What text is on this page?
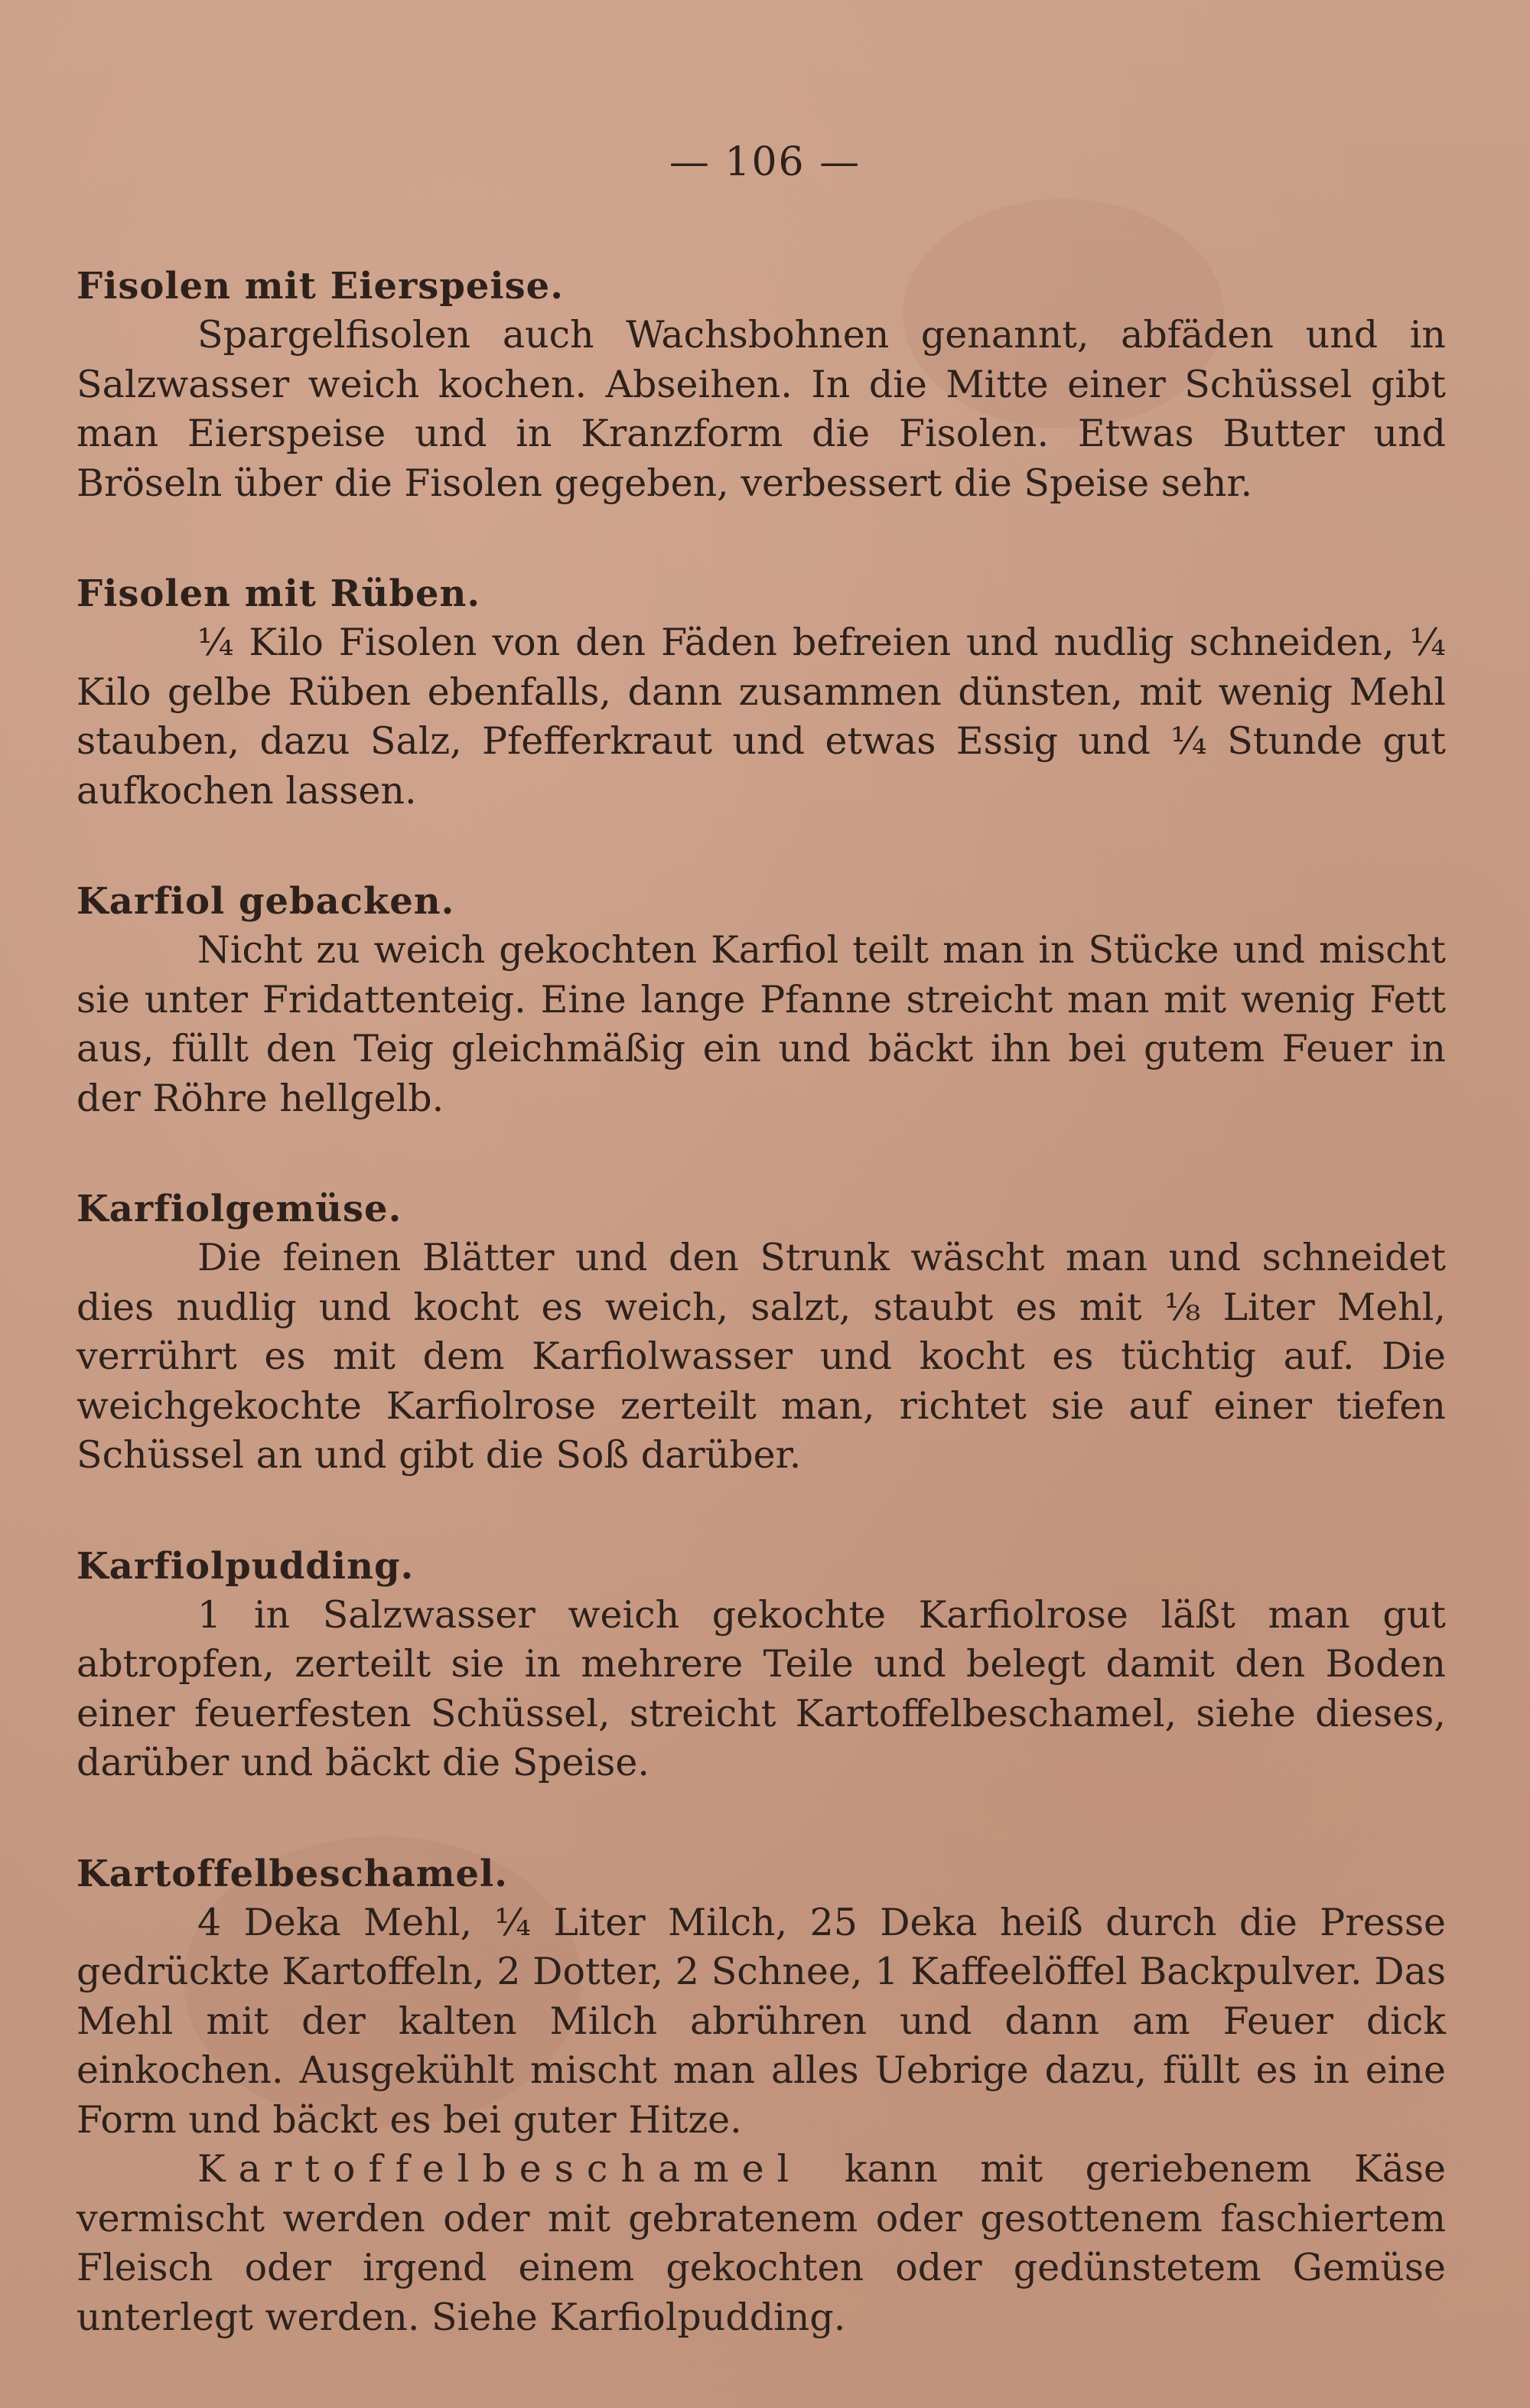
— 106 —
Fisolen mit Eierspeise.

Spargelfisolen auch Wachsbohnen genannt, abfäden und in Salzwasser weich kochen. Abseihen. In die Mitte einer Schüssel gibt man Eierspeise und in Kranzform die Fisolen. Etwas Butter und Bröseln über die Fisolen gegeben, verbessert die Speise sehr.

Fisolen mit Rüben.

¼ Kilo Fisolen von den Fäden befreien und nudlig schneiden, ¼ Kilo gelbe Rüben ebenfalls, dann zusammen dünsten, mit wenig Mehl stauben, dazu Salz, Pfefferkraut und etwas Essig und ¼ Stunde gut aufkochen lassen.

Karfiol gebacken.

Nicht zu weich gekochten Karfiol teilt man in Stücke und mischt sie unter Fridattenteig. Eine lange Pfanne streicht man mit wenig Fett aus, füllt den Teig gleichmäßig ein und bäckt ihn bei gutem Feuer in der Röhre hellgelb.

Karfiolgemüse.

Die feinen Blätter und den Strunk wäscht man und schneidet dies nudlig und kocht es weich, salzt, staubt es mit ⅛ Liter Mehl, verrührt es mit dem Karfiolwasser und kocht es tüchtig auf. Die weichgekochte Karfiolrose zerteilt man, richtet sie auf einer tiefen Schüssel an und gibt die Soß darüber.

Karfiolpudding.

1 in Salzwasser weich gekochte Karfiolrose läßt man gut abtropfen, zerteilt sie in mehrere Teile und belegt damit den Boden einer feuerfesten Schüssel, streicht Kartoffelbeschamel, siehe dieses, darüber und bäckt die Speise.

Kartoffelbeschamel.

4 Deka Mehl, ¼ Liter Milch, 25 Deka heiß durch die Presse gedrückte Kartoffeln, 2 Dotter, 2 Schnee, 1 Kaffeelöffel Backpulver. Das Mehl mit der kalten Milch abrühren und dann am Feuer dick einkochen. Ausgekühlt mischt man alles Uebrige dazu, füllt es in eine Form und bäckt es bei guter Hitze.

Kartoffelbeschamel kann mit geriebenem Käse vermischt werden oder mit gebratenem oder gesottenem faschiertem Fleisch oder irgend einem gekochten oder gedünstetem Gemüse unterlegt werden. Siehe Karfiolpudding.
